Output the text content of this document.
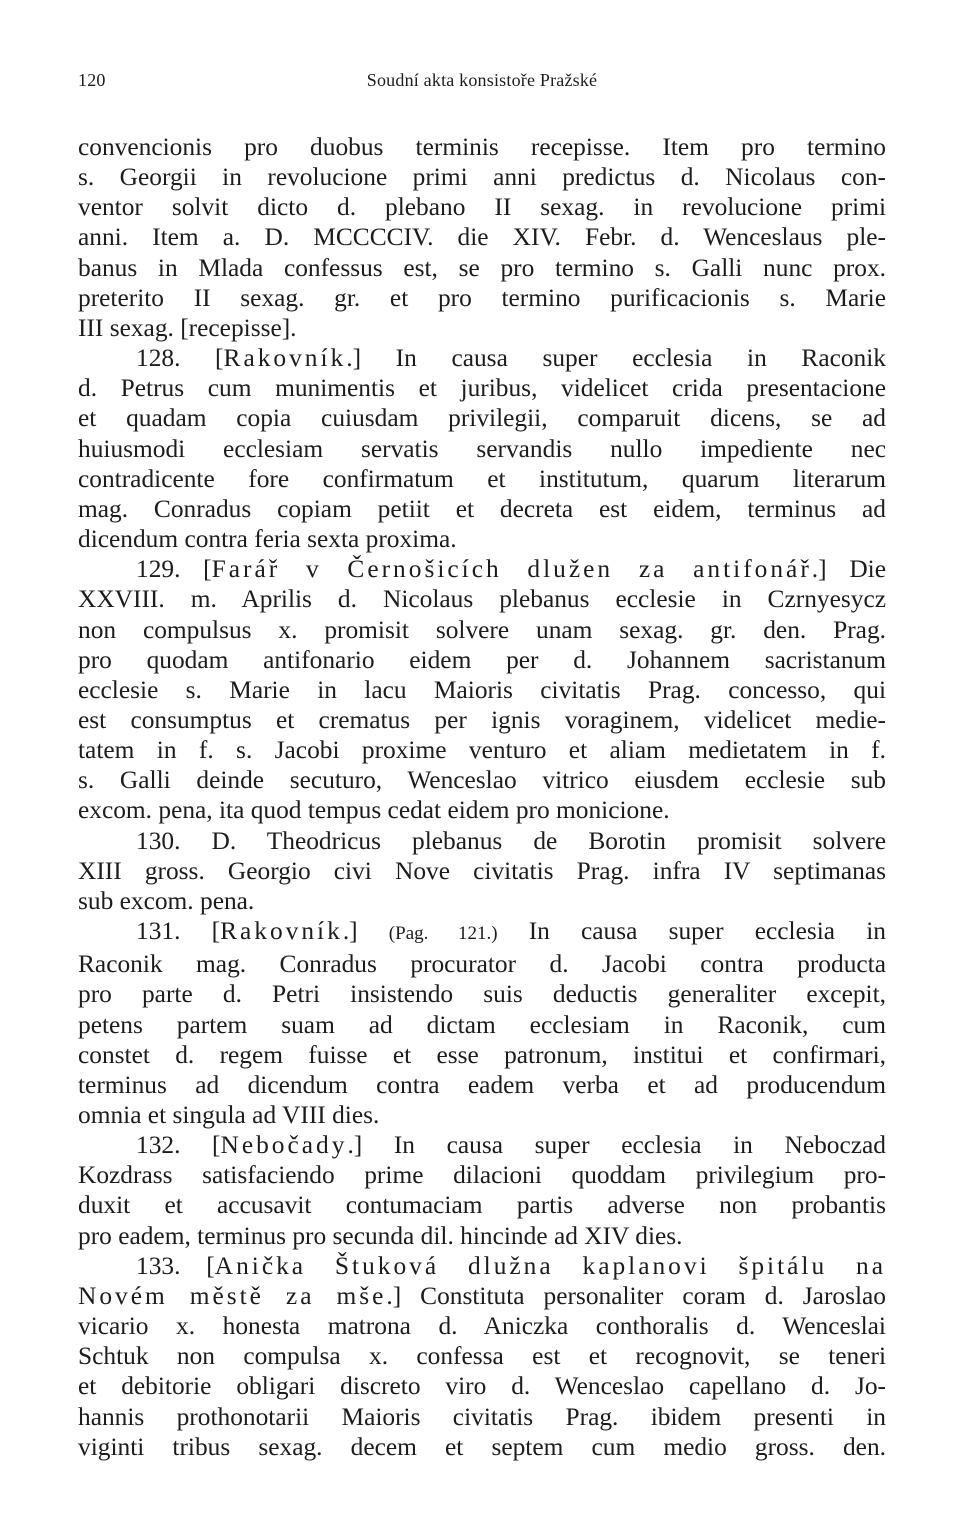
120	Soudní akta konsistoře Pražské
convencionis pro duobus terminis recepisse. Item pro termino
s. Georgii in revolucione primi anni predictus d. Nicolaus con-
ventor solvit dicto d. plebano II sexag. in revolucione primi
anni. Item a. D. MCCCCIV. die XIV. Febr. d. Wenceslaus ple-
banus in Mlada confessus est, se pro termino s. Galli nunc prox.
preterito II sexag. gr. et pro termino purificacionis s. Marie
III sexag. [recepisse].
128. [Rakovník.] In causa super ecclesia in Raconik
d. Petrus cum munimentis et juribus, videlicet crida presentacione
et quadam copia cuiusdam privilegii, comparuit dicens, se ad
huiusmodi ecclesiam servatis servandis nullo impediente nec
contradicente fore confirmatum et institutum, quarum literarum
mag. Conradus copiam petiit et decreta est eidem, terminus ad
dicendum contra feria sexta proxima.
129. [Farář v Černošicích dlužen za antifonář.] Die
XXVIII. m. Aprilis d. Nicolaus plebanus ecclesie in Czrnyesycz
non compulsus x. promisit solvere unam sexag. gr. den. Prag.
pro quodam antifonario eidem per d. Johannem sacristanum
ecclesie s. Marie in lacu Maioris civitatis Prag. concesso, qui
est consumptus et crematus per ignis voraginem, videlicet medie-
tatem in f. s. Jacobi proxime venturo et aliam medietatem in f.
s. Galli deinde secuturo, Wenceslao vitrico eiusdem ecclesie sub
excom. pena, ita quod tempus cedat eidem pro monicione.
130. D. Theodricus plebanus de Borotin promisit solvere
XIII gross. Georgio civi Nove civitatis Prag. infra IV septimanas
sub excom. pena.
131. [Rakovník.] (Pag. 121.) In causa super ecclesia in
Raconik mag. Conradus procurator d. Jacobi contra producta
pro parte d. Petri insistendo suis deductis generaliter excepit,
petens partem suam ad dictam ecclesiam in Raconik, cum
constet d. regem fuisse et esse patronum, institui et confirmari,
terminus ad dicendum contra eadem verba et ad producendum
omnia et singula ad VIII dies.
132. [Nebočady.] In causa super ecclesia in Neboczad
Kozdrass satisfaciendo prime dilacioni quoddam privilegium pro-
duxit et accusavit contumaciam partis adverse non probantis
pro eadem, terminus pro secunda dil. hincinde ad XIV dies.
133. [Anička Štuková dlužna kaplanovi špitálu na
Novém městě za mše.] Constituta personaliter coram d. Jaroslao
vicario x. honesta matrona d. Aniczka conthoralis d. Wenceslai
Schtuk non compulsa x. confessa est et recognovit, se teneri
et debitorie obligari discreto viro d. Wenceslao capellano d. Jo-
hannis prothonotarii Maioris civitatis Prag. ibidem presenti in
viginti tribus sexag. decem et septem cum medio gross. den.
